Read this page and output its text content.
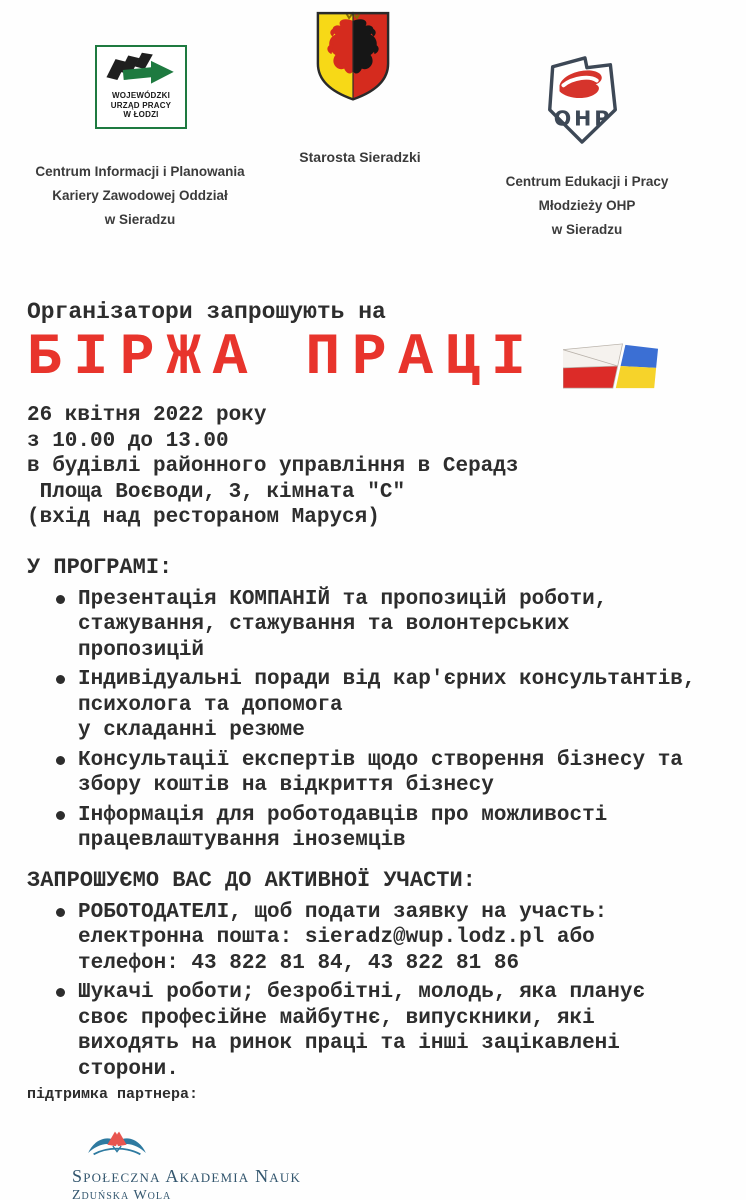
WOJEWÓDZKI
URZĄD PRACY
W ŁODZI
Centrum Informacji i Planowania
Kariery Zawodowej Oddział
w Sieradzu
Starosta Sieradzki
OHP
Centrum Edukacji i Pracy
Młodzieży OHP
w Sieradzu
Організатори запрошують на
БІРЖА ПРАЦІ
26 квітня 2022 року
з 10.00 до 13.00
в будівлі районного управління в Серадз
Площа Воєводи, 3, кімната "С"
(вхід над рестораном Маруся)
У ПРОГРАМІ:
Презентація КОМПАНІЙ та пропозицій роботи,
стажування, стажування та волонтерських
пропозицій
Індивідуальні поради від кар'єрних консультантів,
психолога та допомога
у складанні резюме
Консультації експертів щодо створення бізнесу та
збору коштів на відкриття бізнесу
Інформація для роботодавців про можливості
працевлаштування іноземців
ЗАПРОШУЄМО ВАС ДО АКТИВНОЇ УЧАСТИ:
РОБОТОДАТЕЛІ, щоб подати заявку на участь:
електронна пошта: sieradz@wup.lodz.pl або
телефон: 43 822 81 84, 43 822 81 86
Шукачі роботи; безробітні, молодь, яка планує
своє професійне майбутнє, випускники, які
виходять на ринок праці та інші зацікавлені
сторони.
підтримка партнера:
Społeczna Akademia Nauk
Zduńska Wola
